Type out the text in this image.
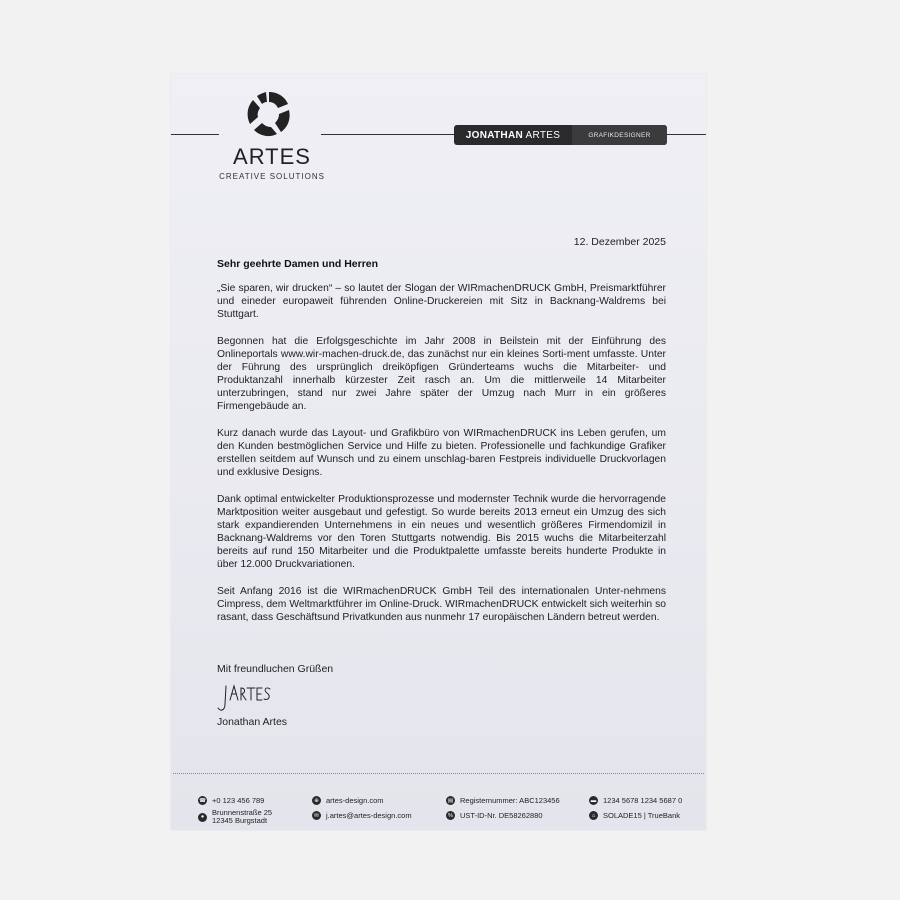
ARTES
CREATIVE SOLUTIONS
JONATHAN ARTES	GRAFIKDESIGNER
12. Dezember 2025
Sehr geehrte Damen und Herren

„Sie sparen, wir drucken“ – so lautet der Slogan der WIRmachenDRUCK GmbH, Preismarktführer und eineder europaweit führenden Online-Druckereien mit Sitz in Backnang-Waldrems bei Stuttgart.

Begonnen hat die Erfolgsgeschichte im Jahr 2008 in Beilstein mit der Einführung des Onlineportals www.wir-machen-druck.de, das zunächst nur ein kleines Sorti-ment umfasste. Unter der Führung des ursprünglich dreiköpfigen Gründerteams wuchs die Mitarbeiter- und Produktanzahl innerhalb kürzester Zeit rasch an. Um die mittlerweile 14 Mitarbeiter unterzubringen, stand nur zwei Jahre später der Umzug nach Murr in ein größeres Firmengebäude an.

Kurz danach wurde das Layout- und Grafikbüro von WIRmachenDRUCK ins Leben gerufen, um den Kunden bestmöglichen Service und Hilfe zu bieten. Professionelle und fachkundige Grafiker erstellen seitdem auf Wunsch und zu einem unschlag-baren Festpreis individuelle Druckvorlagen und exklusive Designs.

Dank optimal entwickelter Produktionsprozesse und modernster Technik wurde die hervorragende Marktposition weiter ausgebaut und gefestigt. So wurde bereits 2013 erneut ein Umzug des sich stark expandierenden Unternehmens in ein neues und wesentlich größeres Firmendomizil in Backnang-Waldrems vor den Toren Stuttgarts notwendig. Bis 2015 wuchs die Mitarbeiterzahl bereits auf rund 150 Mitarbeiter und die Produktpalette umfasste bereits hunderte Produkte in über 12.000 Druckvariationen.

Seit Anfang 2016 ist die WIRmachenDRUCK GmbH Teil des internationalen Unter-nehmens Cimpress, dem Weltmarktführer im Online-Druck. WIRmachenDRUCK entwickelt sich weiterhin so rasant, dass Geschäftsund Privatkunden aus nunmehr 17 europäischen Ländern betreut werden.

Mit freundluchen Grüßen
Jonathan Artes
☎ +0 123 456 789
●	Brunnenstraße 25
12345 Burgstadt
⊕ artes-design.com
✉ j.artes@artes-design.com
▤ Registernummer: ABC123456
% UST-ID-Nr. DE58262880
▬ 1234 5678 1234 5687 0
⌂	SOLADE15 | TrueBank
